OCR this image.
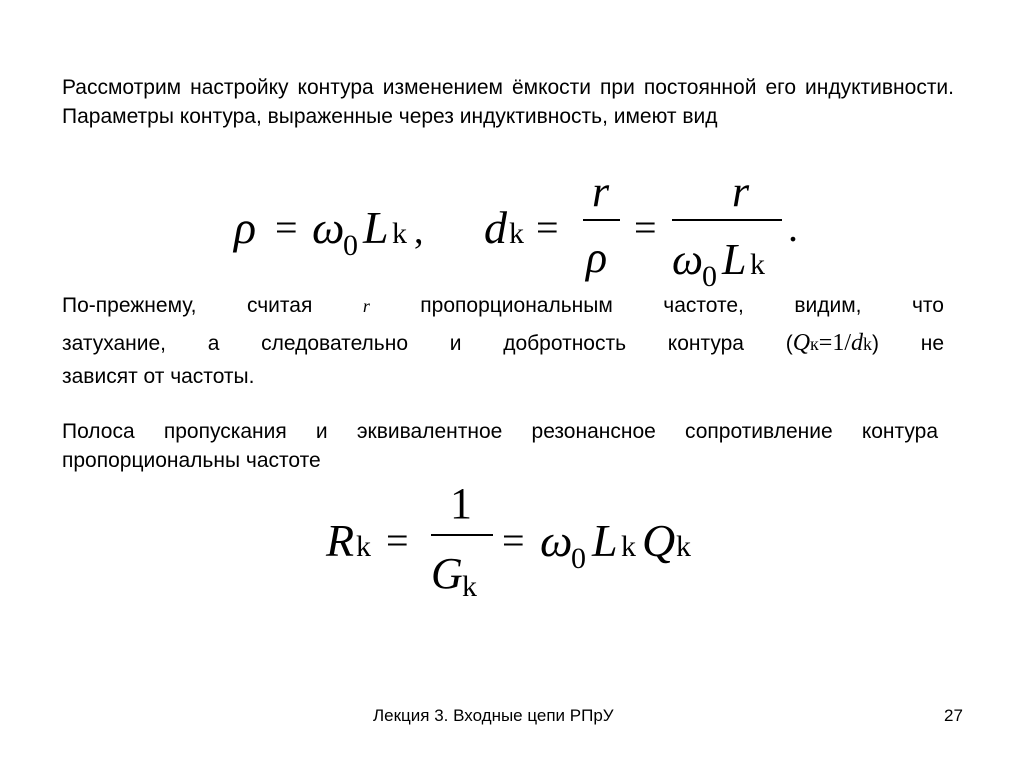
Рассмотрим настройку контура изменением ёмкости при постоянной его индуктивности. Параметры контура, выраженные через индуктивность, имеют вид
ρ = ω
0 L k , d k =
r
ρ
=
r
ω
0 L k
.
По-прежнему, считая r пропорциональным частоте, видим, что
затухание, а следовательно и добротность контура (Qк=1/dk) не
зависят от частоты.
Полоса пропускания и эквивалентное резонансное сопротивление контура пропорциональны частоте
R k =
1
G k
= ω
0 L k Q k
Лекция 3. Входные цепи РПрУ	27
